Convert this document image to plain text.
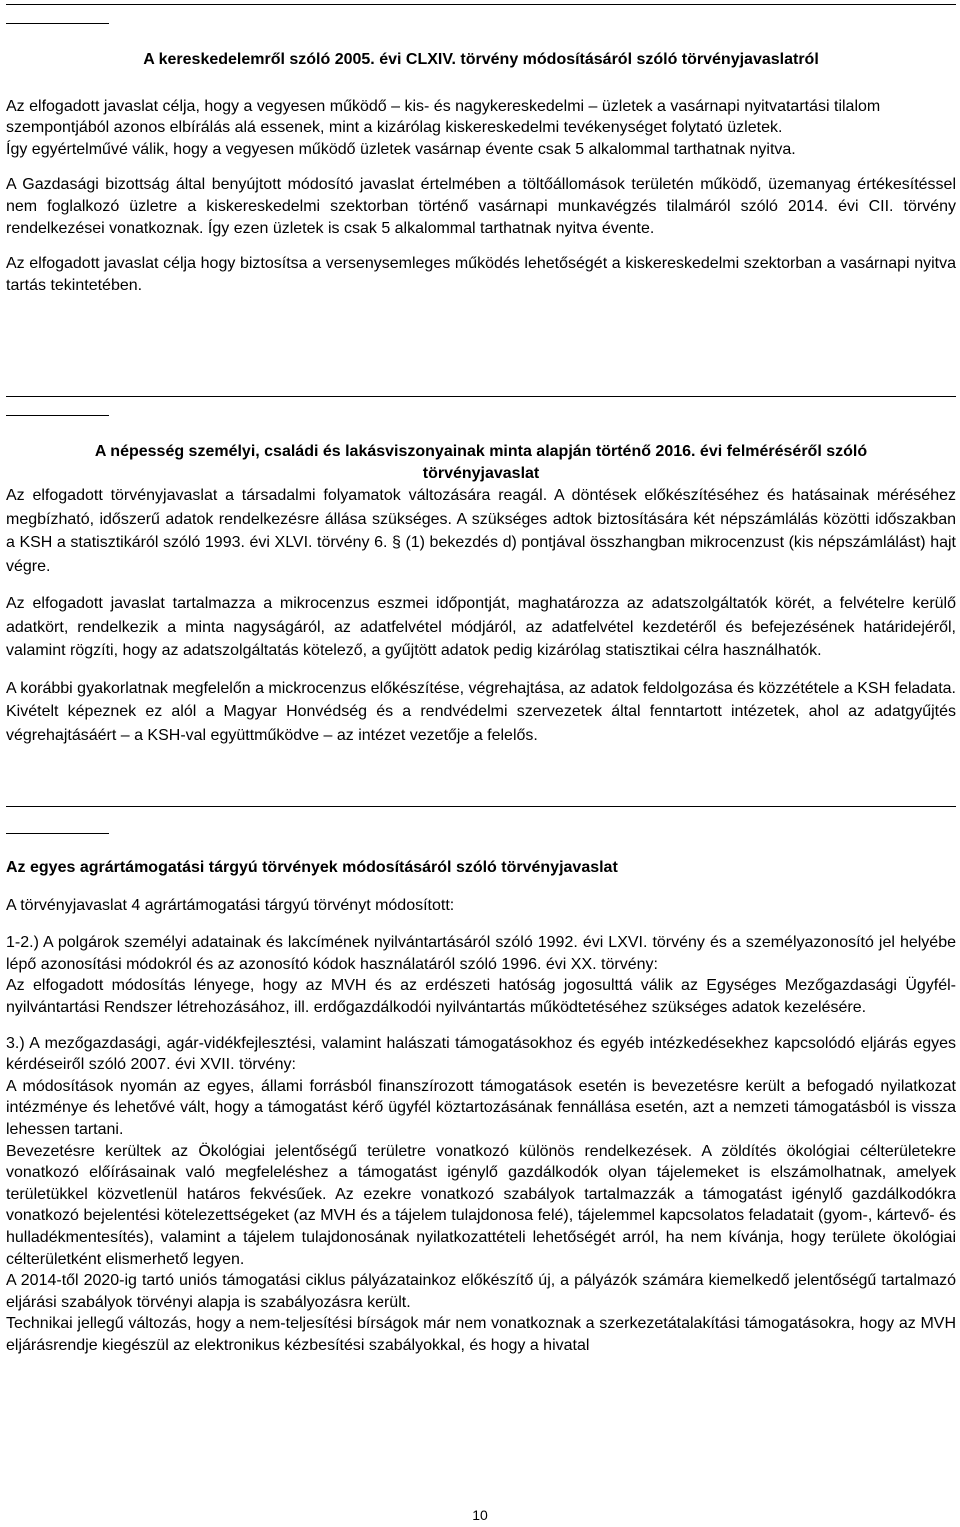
A kereskedelemről szóló 2005. évi CLXIV. törvény módosításáról szóló törvényjavaslatról

Az elfogadott javaslat célja, hogy a vegyesen működő – kis- és nagykereskedelmi – üzletek a vasárnapi nyitvatartási tilalom szempontjából azonos elbírálás alá essenek, mint a kizárólag kiskereskedelmi tevékenységet folytató üzletek.

Így egyértelművé válik, hogy a vegyesen működő üzletek vasárnap évente csak 5 alkalommal tarthatnak nyitva.

A Gazdasági bizottság által benyújtott módosító javaslat értelmében a töltőállomások területén működő, üzemanyag értékesítéssel nem foglalkozó üzletre a kiskereskedelmi szektorban történő vasárnapi munkavégzés tilalmáról szóló 2014. évi CII. törvény rendelkezései vonatkoznak. Így ezen üzletek is csak 5 alkalommal tarthatnak nyitva évente.

Az elfogadott javaslat célja hogy biztosítsa a versenysemleges működés lehetőségét a kiskereskedelmi szektorban a vasárnapi nyitva tartás tekintetében.

A népesség személyi, családi és lakásviszonyainak minta alapján történő 2016. évi felméréséről szóló

törvényjavaslat

Az elfogadott törvényjavaslat a társadalmi folyamatok változására reagál. A döntések előkészítéséhez és hatásainak méréséhez megbízható, időszerű adatok rendelkezésre állása szükséges. A szükséges adtok biztosítására két népszámlálás közötti időszakban a KSH a statisztikáról szóló 1993. évi XLVI. törvény 6. § (1) bekezdés d) pontjával összhangban mikrocenzust (kis népszámlálást) hajt végre.

Az elfogadott javaslat tartalmazza a mikrocenzus eszmei időpontját, maghatározza az adatszolgáltatók körét, a felvételre kerülő adatkört, rendelkezik a minta nagyságáról, az adatfelvétel módjáról, az adatfelvétel kezdetéről és befejezésének határidejéről, valamint rögzíti, hogy az adatszolgáltatás kötelező, a gyűjtött adatok pedig kizárólag statisztikai célra használhatók.

A korábbi gyakorlatnak megfelelőn a mickrocenzus előkészítése, végrehajtása, az adatok feldolgozása és közzététele a KSH feladata. Kivételt képeznek ez alól a Magyar Honvédség és a rendvédelmi szervezetek által fenntartott intézetek, ahol az adatgyűjtés végrehajtásáért – a KSH-val együttműködve – az intézet vezetője a felelős.

Az egyes agrártámogatási tárgyú törvények módosításáról szóló törvényjavaslat

A törvényjavaslat 4 agrártámogatási tárgyú törvényt módosított:

1-2.) A polgárok személyi adatainak és lakcímének nyilvántartásáról szóló 1992. évi LXVI. törvény és a személyazonosító jel helyébe lépő azonosítási módokról és az azonosító kódok használatáról szóló 1996. évi XX. törvény:

Az elfogadott módosítás lényege, hogy az MVH és az erdészeti hatóság jogosulttá válik az Egységes Mezőgazdasági Ügyfél-nyilvántartási Rendszer létrehozásához, ill. erdőgazdálkodói nyilvántartás működtetéséhez szükséges adatok kezelésére.

3.) A mezőgazdasági, agár-vidékfejlesztési, valamint halászati támogatásokhoz és egyéb intézkedésekhez kapcsolódó eljárás egyes kérdéseiről szóló 2007. évi XVII. törvény:

A módosítások nyomán az egyes, állami forrásból finanszírozott támogatások esetén is bevezetésre került a befogadó nyilatkozat intézménye és lehetővé vált, hogy a támogatást kérő ügyfél köztartozásának fennállása esetén, azt a nemzeti támogatásból is vissza lehessen tartani.

Bevezetésre kerültek az Ökológiai jelentőségű területre vonatkozó különös rendelkezések. A zöldítés ökológiai célterületekre vonatkozó előírásainak való megfeleléshez a támogatást igénylő gazdálkodók olyan tájelemeket is elszámolhatnak, amelyek területükkel közvetlenül határos fekvésűek. Az ezekre vonatkozó szabályok tartalmazzák a támogatást igénylő gazdálkodókra vonatkozó bejelentési kötelezettségeket (az MVH és a tájelem tulajdonosa felé), tájelemmel kapcsolatos feladatait (gyom-, kártevő- és hulladékmentesítés), valamint a tájelem tulajdonosának nyilatkozattételi lehetőségét arról, ha nem kívánja, hogy területe ökológiai célterületként elismerhető legyen.

A 2014-től 2020-ig tartó uniós támogatási ciklus pályázatainkoz előkészítő új, a pályázók számára kiemelkedő jelentőségű tartalmazó eljárási szabályok törvényi alapja is szabályozásra került.

Technikai jellegű változás, hogy a nem-teljesítési bírságok már nem vonatkoznak a szerkezetátalakítási támogatásokra, hogy az MVH eljárásrendje kiegészül az elektronikus kézbesítési szabályokkal, és hogy a hivatal

10
